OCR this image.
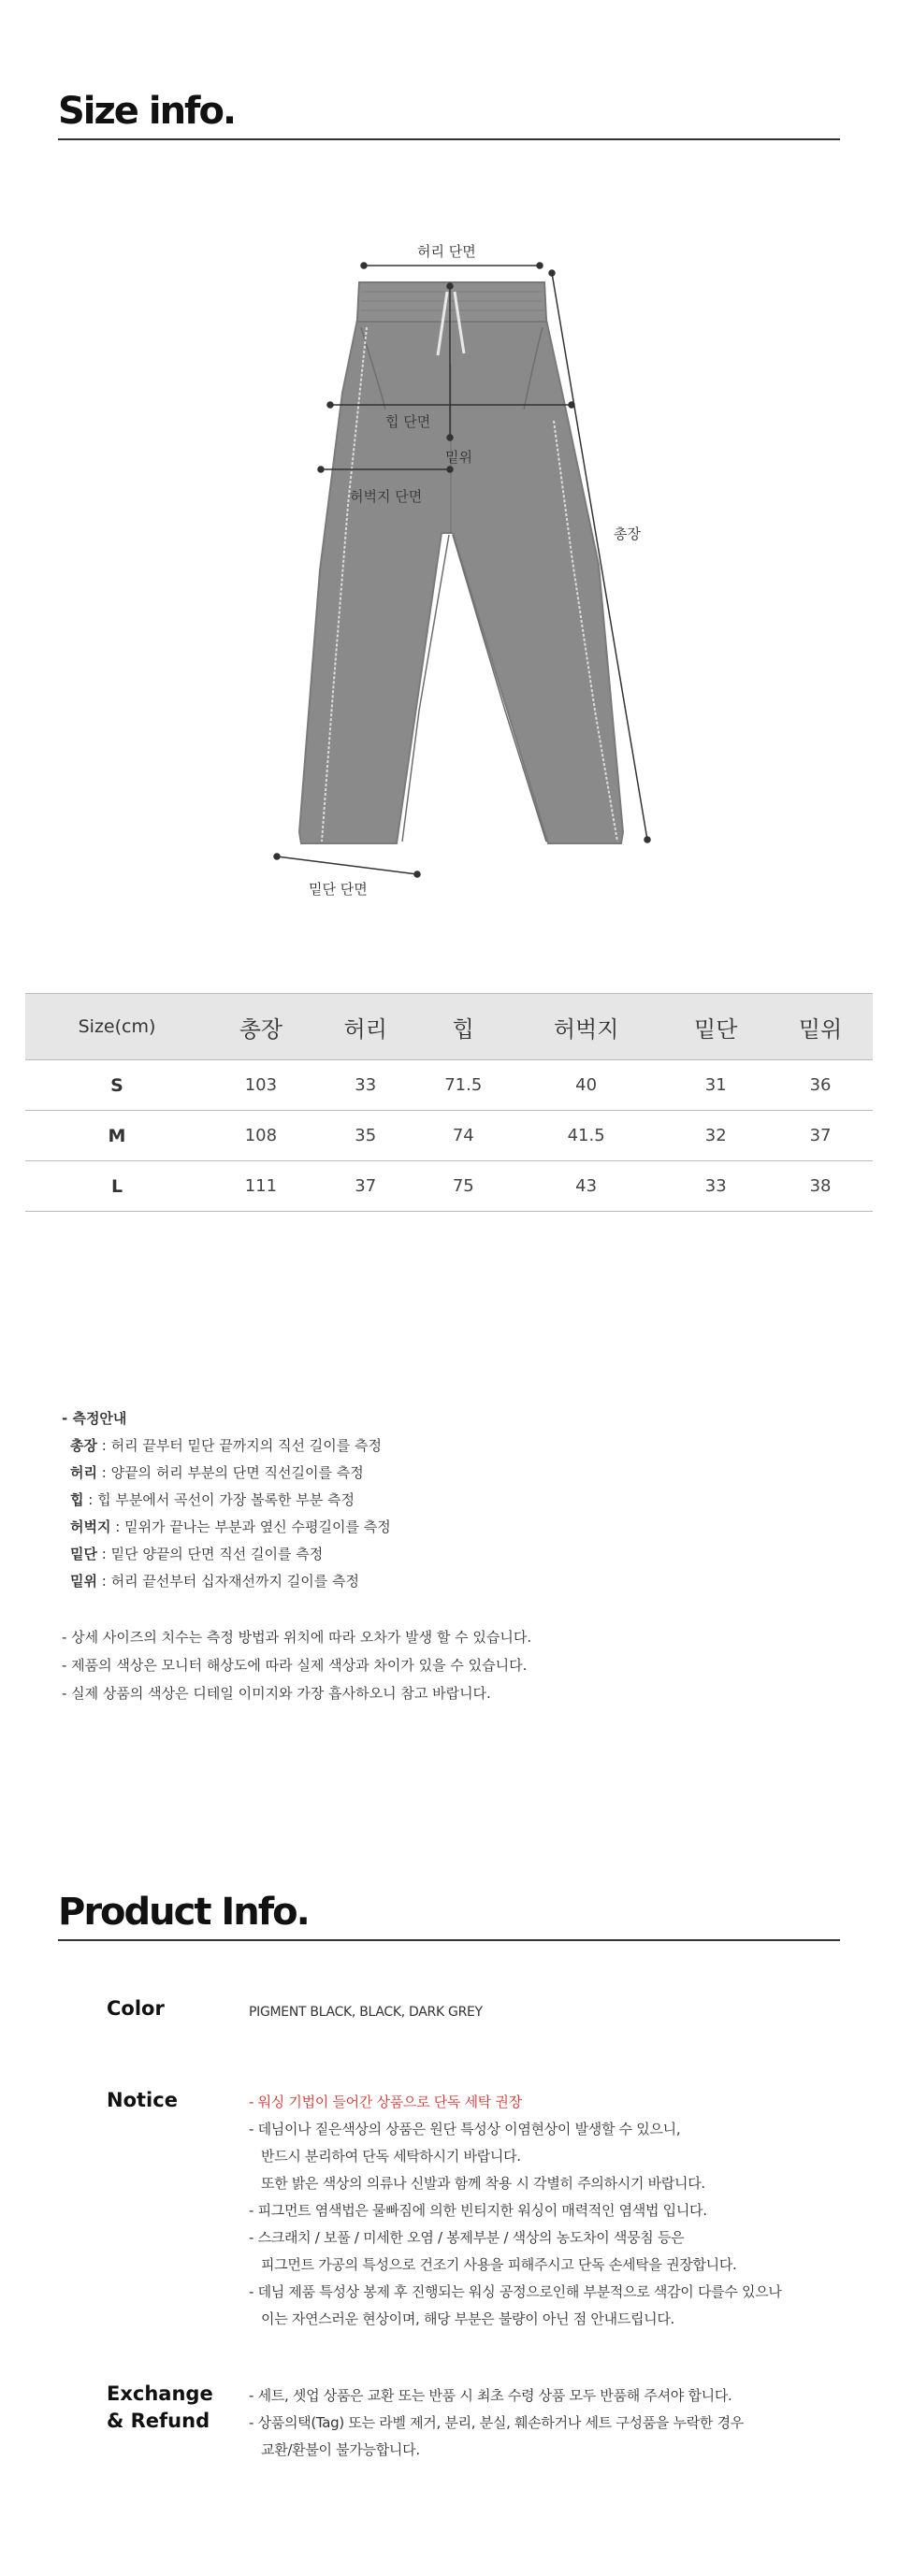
Size info.
허리 단면
힙 단면
밑위
허벅지 단면
총장
밑단 단면
Size(cm)	총장	허리	힙	허벅지	밑단	밑위
S	103	33	71.5	40	31	36
M	108	35	74	41.5	32	37
L	111	37	75	43	33	38
- 측정안내
총장 : 허리 끝부터 밑단 끝까지의 직선 길이를 측정
허리 : 양끝의 허리 부분의 단면 직선길이를 측정
힙 : 힙 부분에서 곡선이 가장 볼록한 부분 측정
허벅지 : 밑위가 끝나는 부분과 옆신 수평길이를 측정
밑단 : 밑단 양끝의 단면 직선 길이를 측정
밑위 : 허리 끝선부터 십자재선까지 길이를 측정
- 상세 사이즈의 치수는 측정 방법과 위치에 따라 오차가 발생 할 수 있습니다.
- 제품의 색상은 모니터 해상도에 따라 실제 색상과 차이가 있을 수 있습니다.
- 실제 상품의 색상은 디테일 이미지와 가장 흡사하오니 참고 바랍니다.
Product Info.
Color	PIGMENT BLACK, BLACK, DARK GREY
Notice	- 워싱 기법이 들어간 상품으로 단독 세탁 권장
- 데님이나 짙은색상의 상품은 원단 특성상 이염현상이 발생할 수 있으니,
반드시 분리하여 단독 세탁하시기 바랍니다.
또한 밝은 색상의 의류나 신발과 함께 착용 시 각별히 주의하시기 바랍니다.
- 피그먼트 염색법은 물빠짐에 의한 빈티지한 워싱이 매력적인 염색법 입니다.
- 스크래치 / 보풀 / 미세한 오염 / 봉제부분 / 색상의 농도차이 색뭉침 등은
피그먼트 가공의 특성으로 건조기 사용을 피해주시고 단독 손세탁을 권장합니다.
- 데님 제품 특성상 봉제 후 진행되는 워싱 공정으로인해 부분적으로 색감이 다를수 있으나
이는 자연스러운 현상이며, 해당 부분은 불량이 아닌 점 안내드립니다.
Exchange
& Refund
- 세트, 셋업 상품은 교환 또는 반품 시 최초 수령 상품 모두 반품해 주셔야 합니다.
- 상품의택(Tag) 또는 라벨 제거, 분리, 분실, 훼손하거나 세트 구성품을 누락한 경우
교환/환불이 불가능합니다.
